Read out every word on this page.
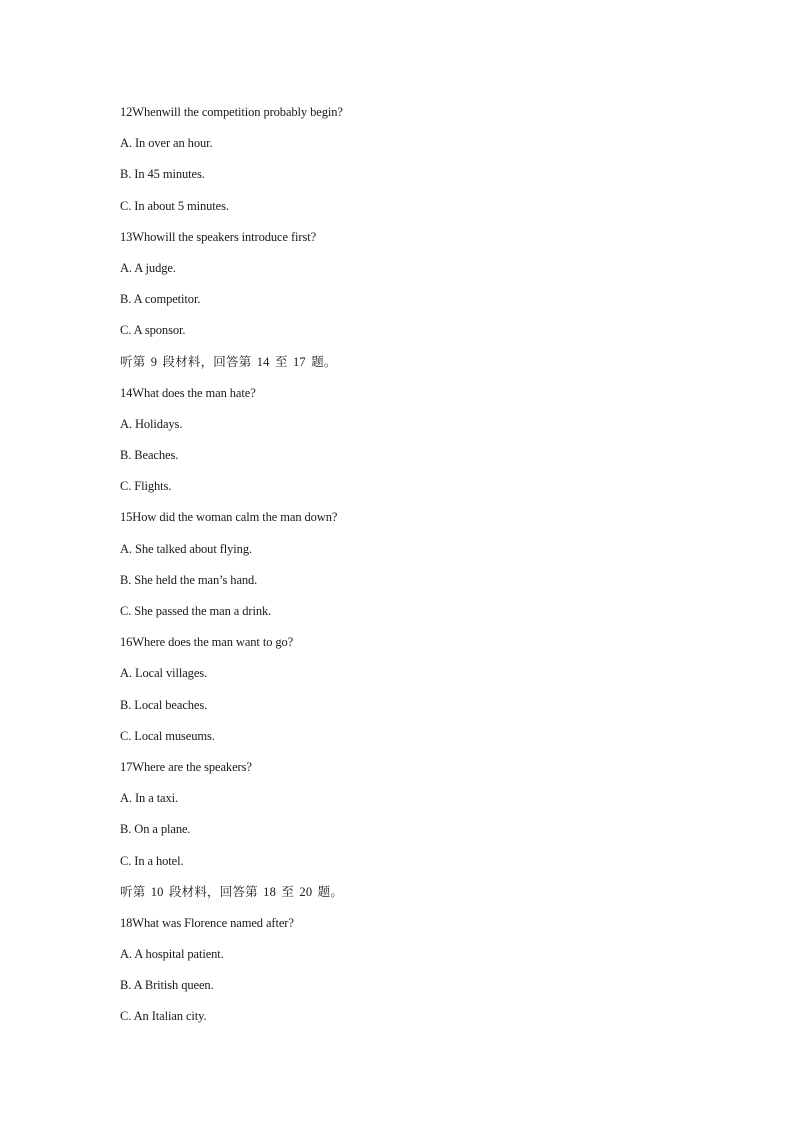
12Whenwill the competition probably begin?
A. In over an hour.
B. In 45 minutes.
C. In about 5 minutes.
13Whowill the speakers introduce first?
A. A judge.
B. A competitor.
C. A sponsor.
听第 9 段材料，回答第 14 至 17 题。
14What does the man hate?
A. Holidays.
B. Beaches.
C. Flights.
15How did the woman calm the man down?
A. She talked about flying.
B. She held the man’s hand.
C. She passed the man a drink.
16Where does the man want to go?
A. Local villages.
B. Local beaches.
C. Local museums.
17Where are the speakers?
A. In a taxi.
B. On a plane.
C. In a hotel.
听第 10 段材料，回答第 18 至 20 题。
18What was Florence named after?
A. A hospital patient.
B. A British queen.
C. An Italian city.
